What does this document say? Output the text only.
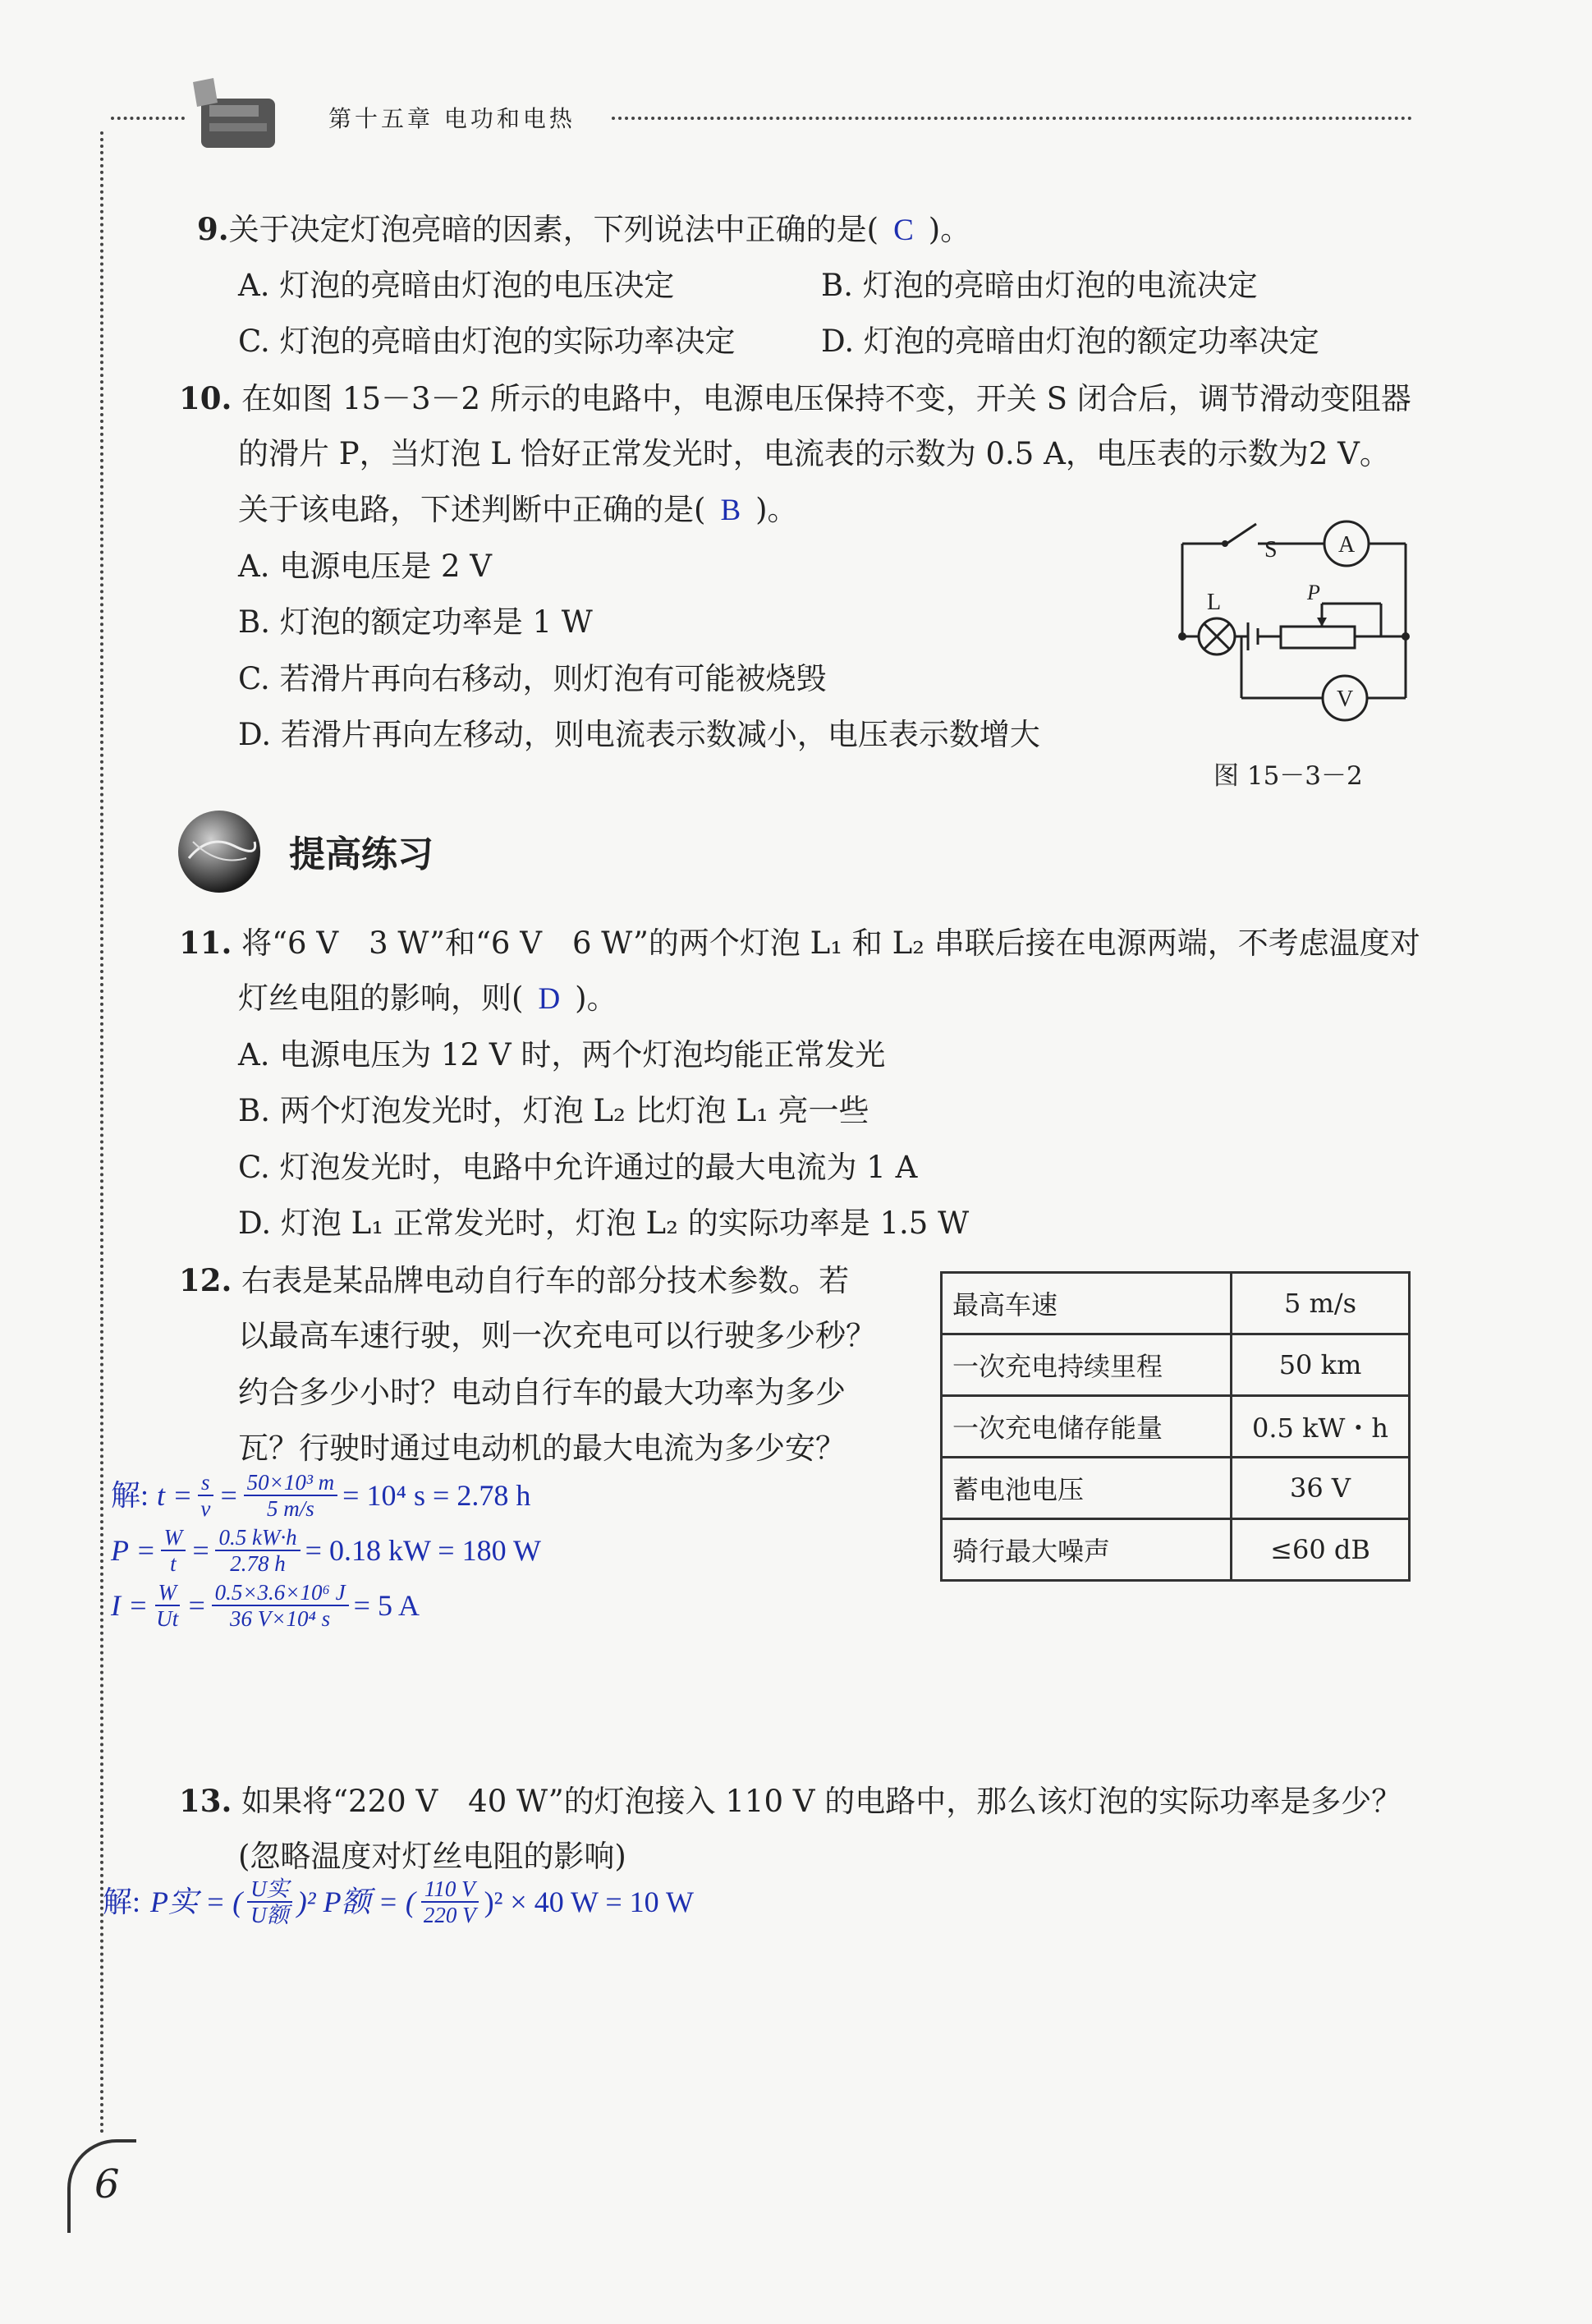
第十五章 电功和电热
9.关于决定灯泡亮暗的因素，下列说法中正确的是( C )。
A. 灯泡的亮暗由灯泡的电压决定	B. 灯泡的亮暗由灯泡的电流决定
C. 灯泡的亮暗由灯泡的实际功率决定	D. 灯泡的亮暗由灯泡的额定功率决定
10. 在如图 15－3－2 所示的电路中，电源电压保持不变，开关 S 闭合后，调节滑动变阻器
的滑片 P，当灯泡 L 恰好正常发光时，电流表的示数为 0.5 A，电压表的示数为2 V。
关于该电路，下述判断中正确的是( B )。
A. 电源电压是 2 V
B. 灯泡的额定功率是 1 W
C. 若滑片再向右移动，则灯泡有可能被烧毁
D. 若滑片再向左移动，则电流表示数减小，电压表示数增大
S	A
L	P
V
图 15－3－2
提高练习
11. 将“6 V　3 W”和“6 V　6 W”的两个灯泡 L₁ 和 L₂ 串联后接在电源两端，不考虑温度对
灯丝电阻的影响，则( D )。
A. 电源电压为 12 V 时，两个灯泡均能正常发光
B. 两个灯泡发光时，灯泡 L₂ 比灯泡 L₁ 亮一些
C. 灯泡发光时，电路中允许通过的最大电流为 1 A
D. 灯泡 L₁ 正常发光时，灯泡 L₂ 的实际功率是 1.5 W
12. 右表是某品牌电动自行车的部分技术参数。若
以最高车速行驶，则一次充电可以行驶多少秒？
约合多少小时？电动自行车的最大功率为多少
瓦？行驶时通过电动机的最大电流为多少安？
最高车速	5 m/s
一次充电持续里程	50 km
一次充电储存能量	0.5 kW・h
蓄电池电压	36 V
骑行最大噪声	≤60 dB
解: $t = \frac{s}{v} = \frac{\text{50×10³ m}}{5 m/s} = 10^4$ s = 2.78 h
$P = \frac{W}{t} = \frac{0.5 kW\cdot h}{2.78 h} = 0.18$ kW = 180 W
$I = \frac{W}{Ut} = \frac{\text{0.5×3.6×10⁶ J}}{\text{36 V×10⁴ s}} = 5$ A
13. 如果将“220 V　40 W”的灯泡接入 110 V 的电路中，那么该灯泡的实际功率是多少？
(忽略温度对灯丝电阻的影响)
解: P实 = ( $\frac{\text{U实}}{\text{U额}} )^2$ P额 = ( $\frac{110 V}{220 V} )^2 \times 40$ W = 10 W
6
